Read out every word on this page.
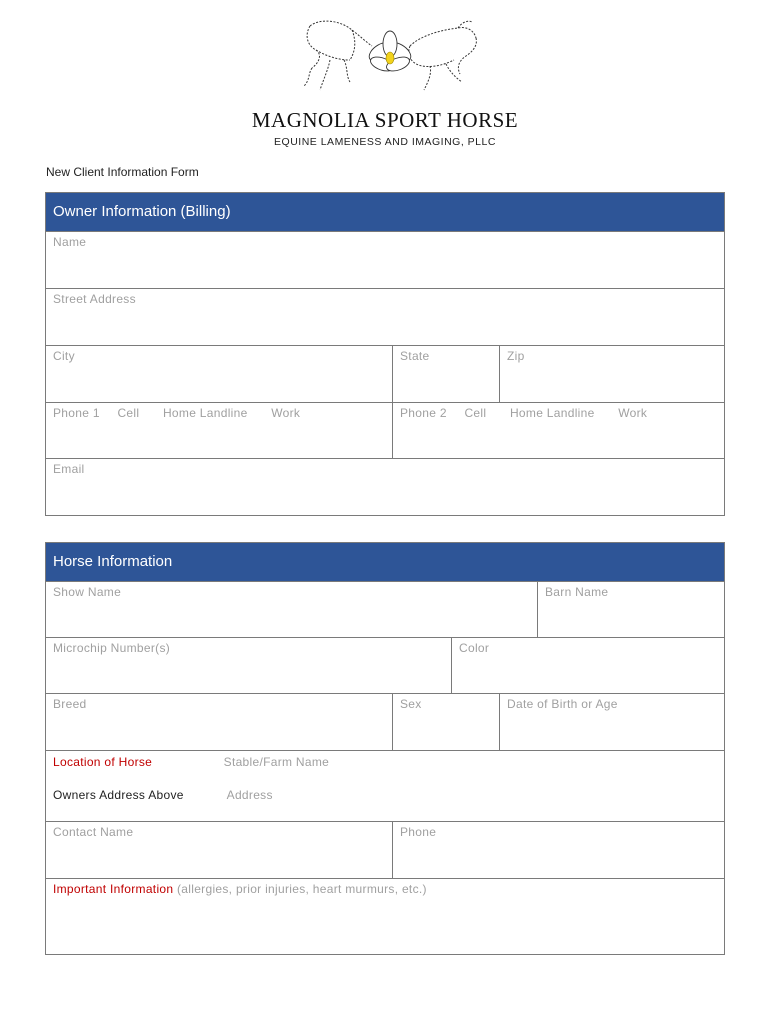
MAGNOLIA SPORT HORSE
EQUINE LAMENESS AND IMAGING, PLLC
New Client Information Form
Owner Information (Billing)
Name
Street Address
City	State	Zip
Phone 1 Cell Home Landline Work	Phone 2 Cell Home Landline Work
Email
Horse Information
Show Name	Barn Name
Microchip Number(s)	Color
Breed	Sex	Date of Birth or Age
Location of Horse	Stable/Farm Name
Owners Address Above	Address
Contact Name	Phone
Important Information (allergies, prior injuries, heart murmurs, etc.)
